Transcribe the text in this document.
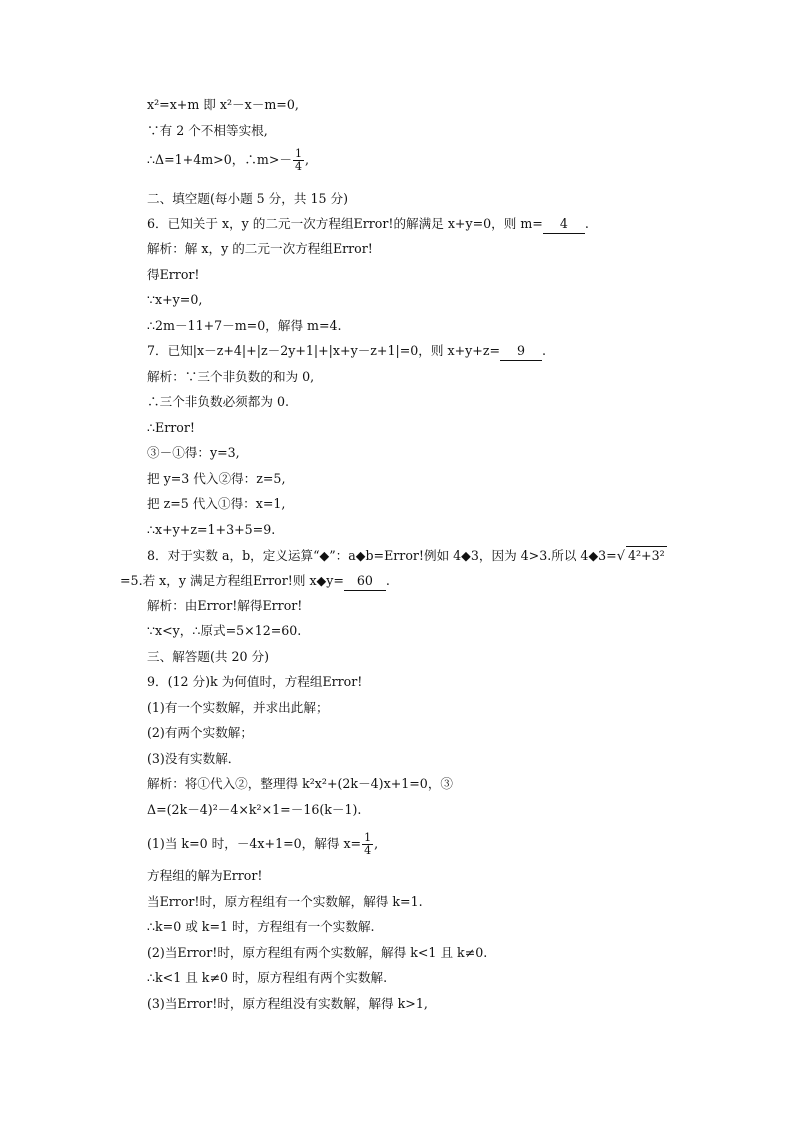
x²=x+m 即 x²－x－m=0,
∵有 2 个不相等实根,
∴Δ=1+4m>0，∴m>－ $\frac{1}{4}$ ,
二、填空题(每小题 5 分，共 15 分)
6．已知关于 x，y 的二元一次方程组Error!的解满足 x+y=0，则 m= 4 .
解析：解 x，y 的二元一次方程组Error!
得Error!
∵x+y=0,
∴2m－11+7－m=0，解得 m=4.
7．已知|x－z+4|+|z－2y+1|+|x+y－z+1|=0，则 x+y+z= 9 .
解析：∵三个非负数的和为 0,
∴三个非负数必须都为 0.
∴Error!
③－①得：y=3,
把 y=3 代入②得：z=5,
把 z=5 代入①得：x=1,
∴x+y+z=1+3+5=9.
8．对于实数 a，b，定义运算“◆”：a◆b=Error!例如 4◆3，因为 4>3.所以 4◆3=√ 4²+3²
=5.若 x，y 满足方程组Error!则 x◆y= 60 .
解析：由Error!解得Error!
∵x<y，∴原式=5×12=60.
三、解答题(共 20 分)
9．(12 分)k 为何值时，方程组Error!
(1)有一个实数解，并求出此解；
(2)有两个实数解；
(3)没有实数解．
解析：将①代入②，整理得 k²x²+(2k－4)x+1=0，③
Δ=(2k－4)²－4×k²×1=－16(k－1).
(1)当 k=0 时，－4x+1=0，解得 $x= \frac{1}{4}$ ,
方程组的解为Error!
当Error!时，原方程组有一个实数解，解得 k=1.
∴k=0 或 k=1 时，方程组有一个实数解.
(2)当Error!时，原方程组有两个实数解，解得 k<1 且 k≠0.
∴k<1 且 k≠0 时，原方程组有两个实数解.
(3)当Error!时，原方程组没有实数解，解得 k>1,
